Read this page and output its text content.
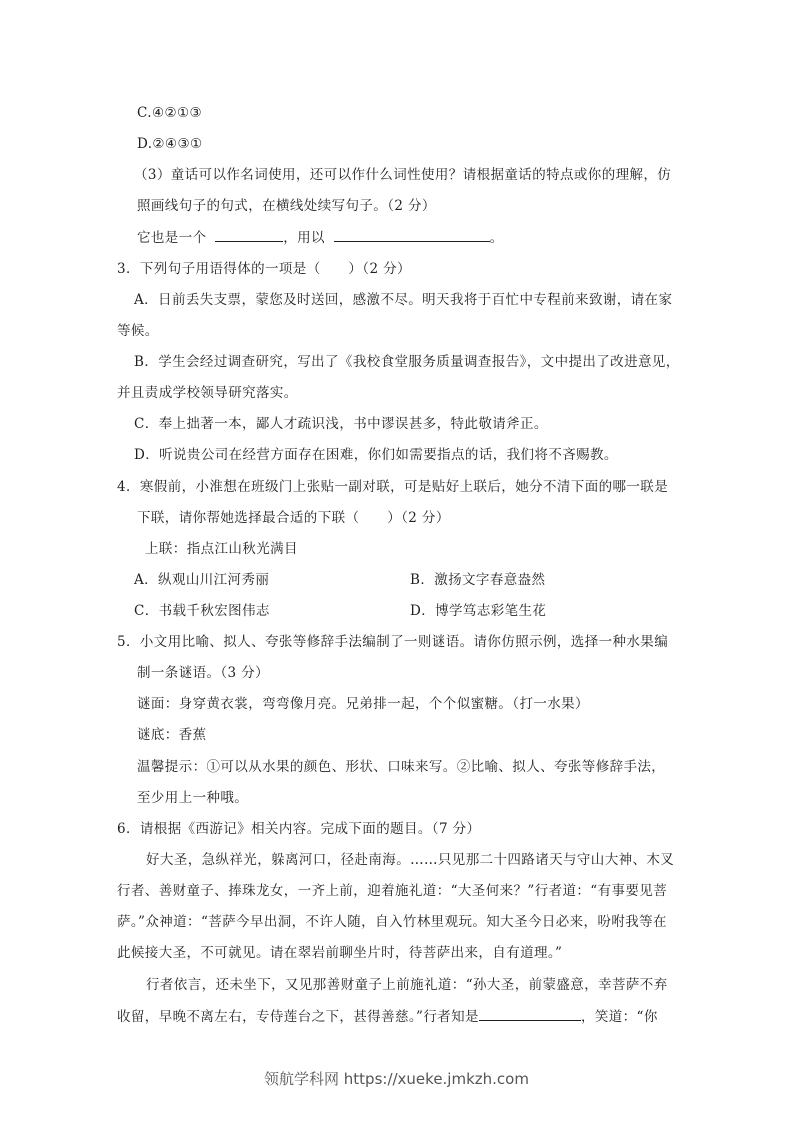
C.④②①③
D.②④③①
（3）童话可以作名词使用，还可以作什么词性使用？请根据童话的特点或你的理解，仿
照画线句子的句式，在横线处续写句子。（2 分）
它也是一个	，用以	。
3．下列句子用语得体的一项是（　　）（2 分）
A．日前丢失支票，蒙您及时送回，感激不尽。明天我将于百忙中专程前来致谢，请在家
等候。
B．学生会经过调查研究，写出了《我校食堂服务质量调查报告》，文中提出了改进意见，
并且责成学校领导研究落实。
C．奉上拙著一本，鄙人才疏识浅，书中谬误甚多，特此敬请斧正。
D．听说贵公司在经营方面存在困难，你们如需要指点的话，我们将不吝赐教。
4．寒假前，小淮想在班级门上张贴一副对联，可是贴好上联后，她分不清下面的哪一联是
下联，请你帮她选择最合适的下联（　　）（2 分）
上联：指点江山秋光满目
A．纵观山川江河秀丽	B．激扬文字春意盎然
C．书载千秋宏图伟志	D．博学笃志彩笔生花
5．小文用比喻、拟人、夸张等修辞手法编制了一则谜语。请你仿照示例，选择一种水果编
制一条谜语。（3 分）
谜面：身穿黄衣裳，弯弯像月亮。兄弟排一起，个个似蜜糖。（打一水果）
谜底：香蕉
温馨提示：①可以从水果的颜色、形状、口味来写。②比喻、拟人、夸张等修辞手法，
至少用上一种哦。
6．请根据《西游记》相关内容。完成下面的题目。（7 分）
好大圣，急纵祥光，躲离河口，径赴南海。……只见那二十四路诸天与守山大神、木叉
行者、善财童子、捧珠龙女，一齐上前，迎着施礼道：“大圣何来？”行者道：“有事要见菩
萨。”众神道：“菩萨今早出洞，不许人随，自入竹林里观玩。知大圣今日必来，吩咐我等在
此候接大圣，不可就见。请在翠岩前聊坐片时，待菩萨出来，自有道理。”
行者依言，还未坐下，又见那善财童子上前施礼道：“孙大圣，前蒙盛意，幸菩萨不弃
收留，早晚不离左右，专侍莲台之下，甚得善慈。”行者知是	，笑道：“你
领航学科网 https://xueke.jmkzh.com
